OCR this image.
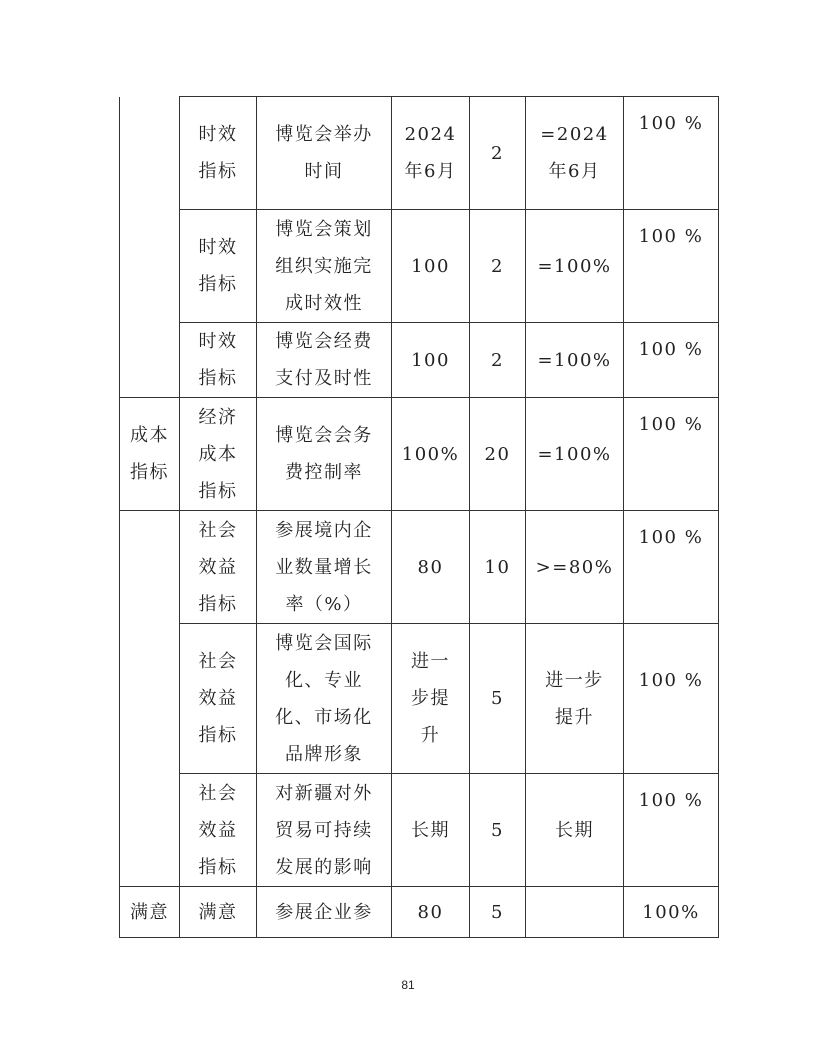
	时效指标	博览会举办时间	2024年6月	2	=2024年6月	100 %
	时效指标	博览会策划组织实施完成时效性	100	2	=100%	100 %
	时效指标	博览会经费支付及时性	100	2	=100%	100 %
成本指标	经济成本指标	博览会会务费控制率	100%	20	=100%	100 %
	社会效益指标	参展境内企业数量增长率（%）	80	10	>=80%	100 %
	社会效益指标	博览会国际化、专业化、市场化品牌形象	进一步提升	5	进一步提升	100 %
	社会效益指标	对新疆对外贸易可持续发展的影响	长期	5	长期	100 %
满意	满意	参展企业参	80	5		100%
81
